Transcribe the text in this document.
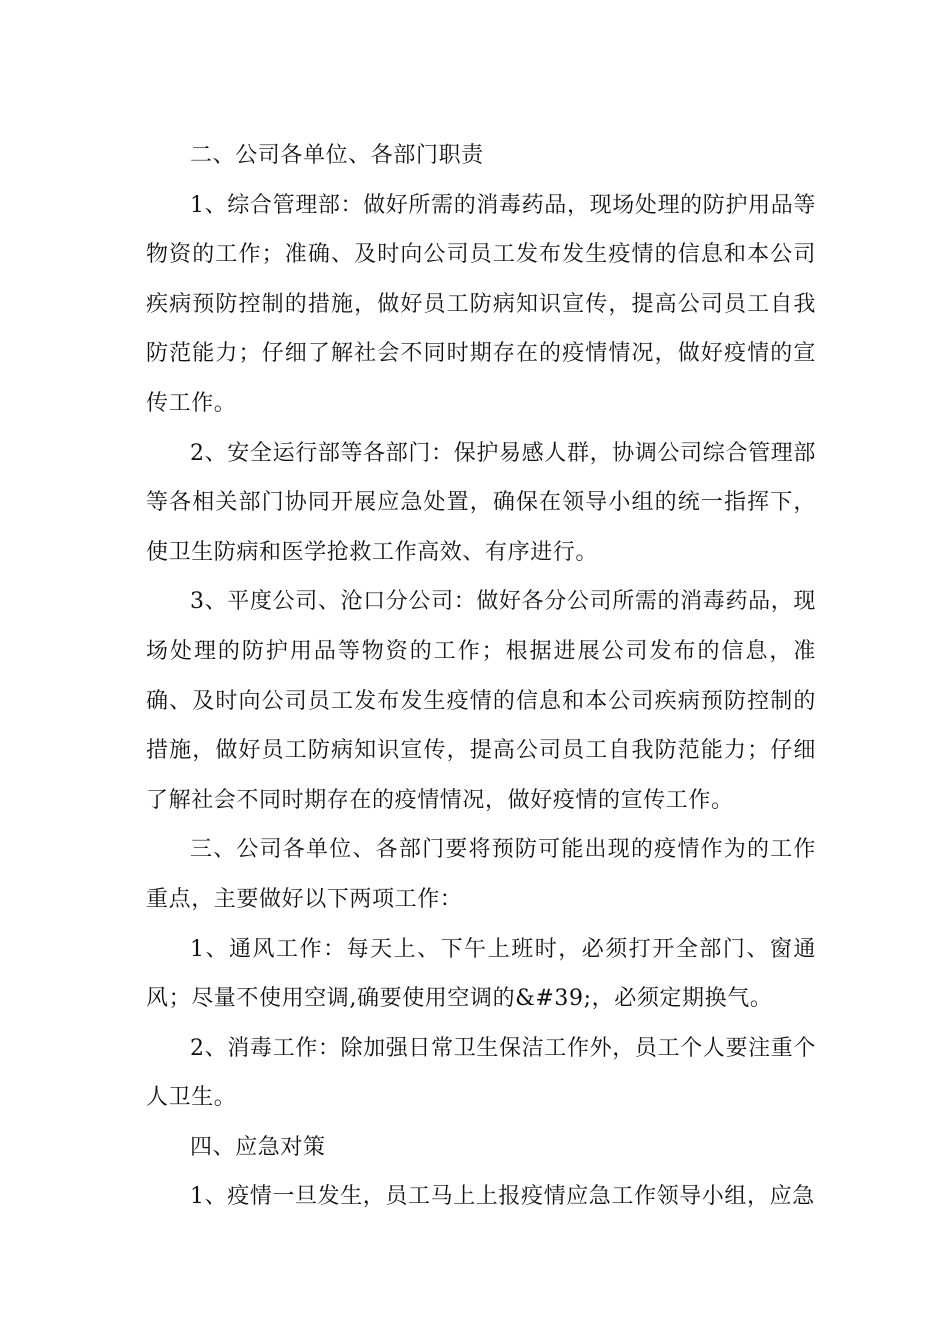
二、公司各单位、各部门职责

1、综合管理部：做好所需的消毒药品，现场处理的防护用品等物资的工作；准确、及时向公司员工发布发生疫情的信息和本公司疾病预防控制的措施，做好员工防病知识宣传，提高公司员工自我防范能力；仔细了解社会不同时期存在的疫情情况，做好疫情的宣传工作。

2、安全运行部等各部门：保护易感人群，协调公司综合管理部等各相关部门协同开展应急处置，确保在领导小组的统一指挥下，使卫生防病和医学抢救工作高效、有序进行。

3、平度公司、沧口分公司：做好各分公司所需的消毒药品，现场处理的防护用品等物资的工作；根据进展公司发布的信息，准确、及时向公司员工发布发生疫情的信息和本公司疾病预防控制的措施，做好员工防病知识宣传，提高公司员工自我防范能力；仔细了解社会不同时期存在的疫情情况，做好疫情的宣传工作。

三、公司各单位、各部门要将预防可能出现的疫情作为的工作重点，主要做好以下两项工作：

1、通风工作：每天上、下午上班时，必须打开全部门、窗通风；尽量不使用空调,确要使用空调的&#39;，必须定期换气。

2、消毒工作：除加强日常卫生保洁工作外，员工个人要注重个人卫生。

四、应急对策

1、疫情一旦发生，员工马上上报疫情应急工作领导小组，应急
